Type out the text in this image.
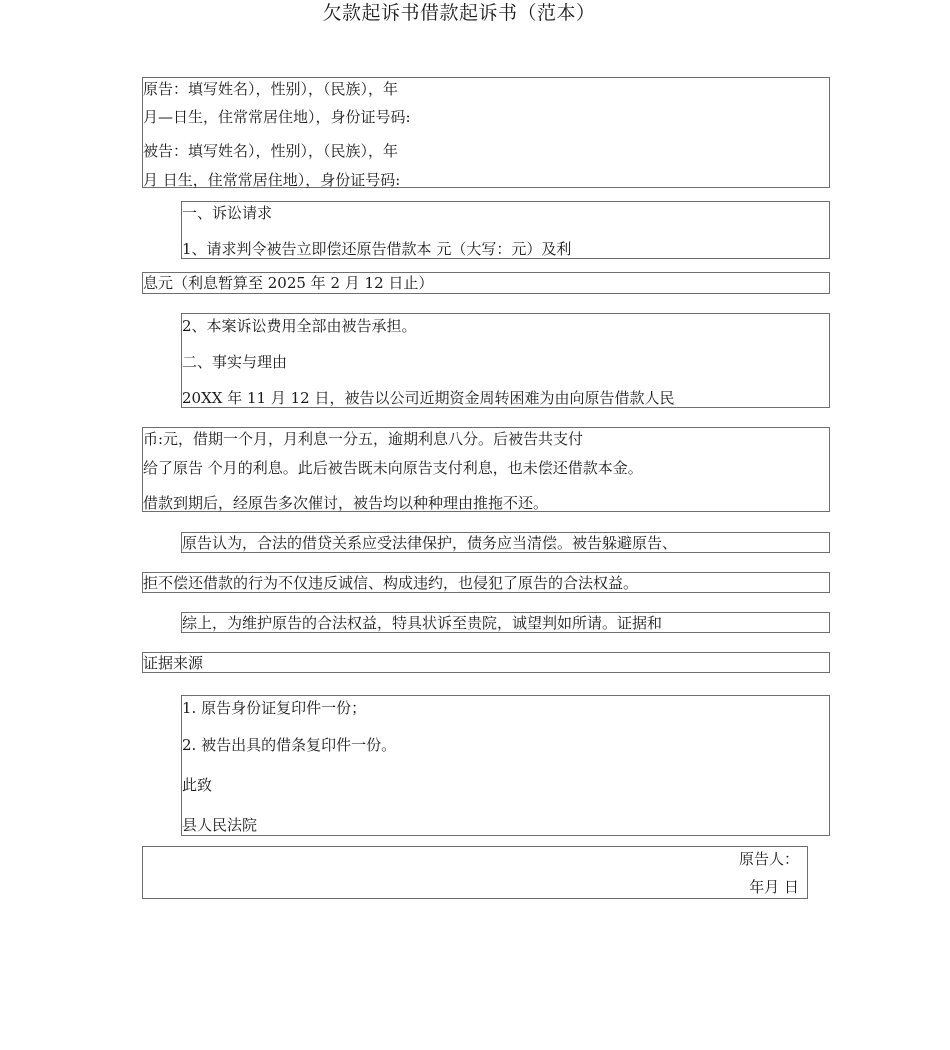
欠款起诉书借款起诉书（范本）
原告：填写姓名），性别），（民族），年
月—日生，住常常居住地），身份证号码:
被告：填写姓名），性别），（民族），年
月 日生，住常常居住地），身份证号码:
一、诉讼请求
1、请求判令被告立即偿还原告借款本 元（大写：元）及利
息元（利息暂算至 2025 年 2 月 12 日止）
2、本案诉讼费用全部由被告承担。
二、事实与理由
20XX 年 11 月 12 日，被告以公司近期资金周转困难为由向原告借款人民
币:元，借期一个月，月利息一分五，逾期利息八分。后被告共支付
给了原告 个月的利息。此后被告既未向原告支付利息，也未偿还借款本金。
借款到期后，经原告多次催讨，被告均以种种理由推拖不还。
原告认为，合法的借贷关系应受法律保护，债务应当清偿。被告躲避原告、
拒不偿还借款的行为不仅违反诚信、构成违约，也侵犯了原告的合法权益。
综上，为维护原告的合法权益，特具状诉至贵院，诚望判如所请。证据和
证据来源
1. 原告身份证复印件一份；
2. 被告出具的借条复印件一份。
此致
县人民法院
原告人：
年月 日
